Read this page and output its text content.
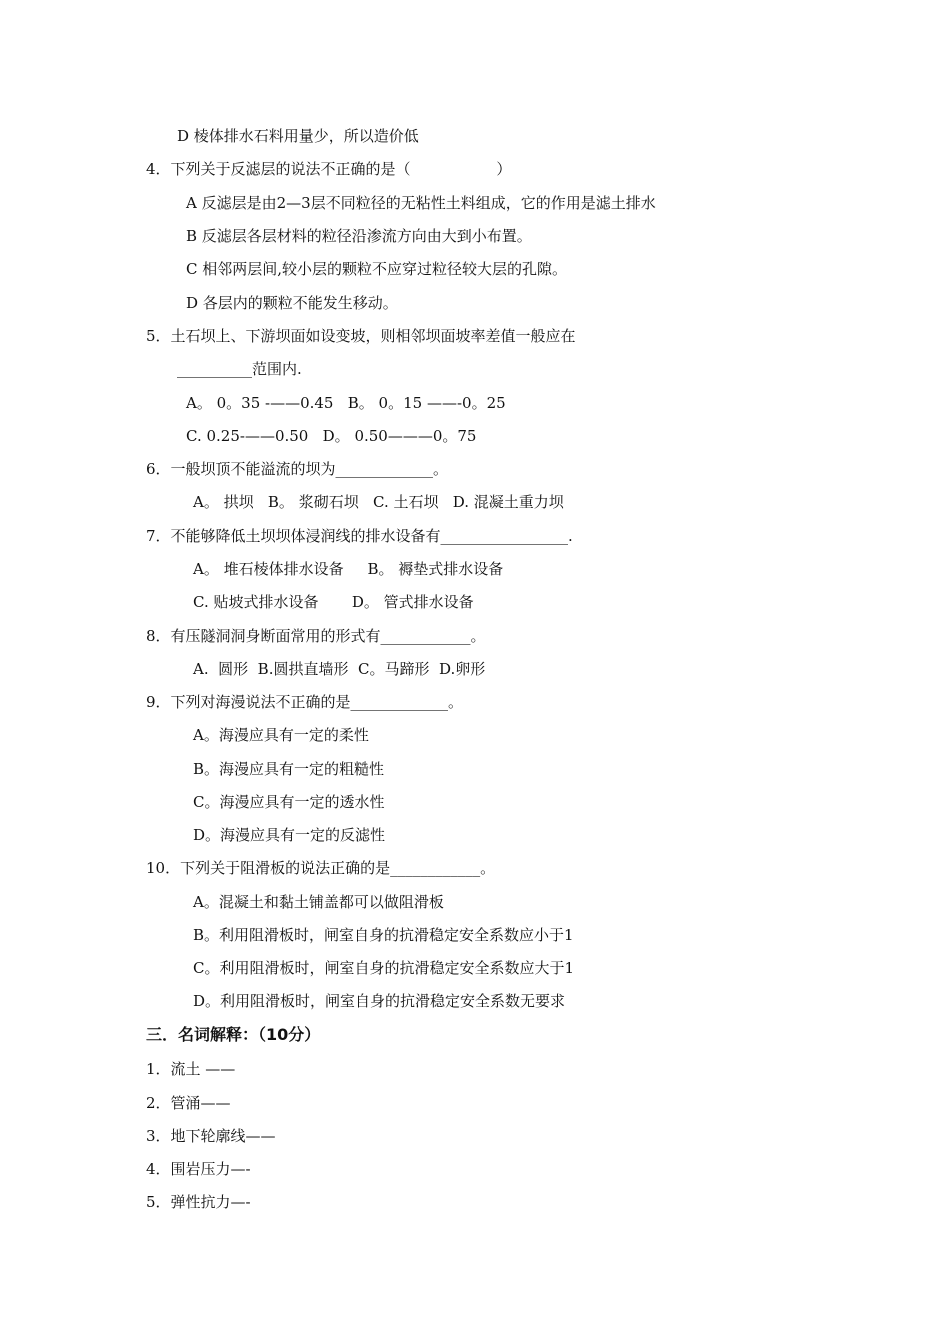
D 棱体排水石料用量少，所以造价低
4．下列关于反滤层的说法不正确的是（                  ）
A 反滤层是由2—3层不同粒径的无粘性土料组成，它的作用是滤土排水
B 反滤层各层材料的粒径沿渗流方向由大到小布置。
C 相邻两层间,较小层的颗粒不应穿过粒径较大层的孔隙。
D 各层内的颗粒不能发生移动。
5．土石坝上、下游坝面如设变坡，则相邻坝面坡率差值一般应在
__________范围内.
A。 0。35 -——0.45   B。 0。15 ——-0。25
C. 0.25-——0.50   D。 0.50———0。75
6．一般坝顶不能溢流的坝为_____________。
A。 拱坝   B。 浆砌石坝   C. 土石坝   D. 混凝土重力坝
7．不能够降低土坝坝体浸润线的排水设备有_________________.
A。 堆石棱体排水设备     B。 褥垫式排水设备
C. 贴坡式排水设备       D。 管式排水设备
8．有压隧洞洞身断面常用的形式有____________。
A.  圆形  B.圆拱直墙形  C。马蹄形  D.卵形
9．下列对海漫说法不正确的是_____________。
A。海漫应具有一定的柔性
B。海漫应具有一定的粗糙性
C。海漫应具有一定的透水性
D。海漫应具有一定的反滤性
10．下列关于阻滑板的说法正确的是____________。
A。混凝土和黏土铺盖都可以做阻滑板
B。利用阻滑板时，闸室自身的抗滑稳定安全系数应小于1
C。利用阻滑板时，闸室自身的抗滑稳定安全系数应大于1
D。利用阻滑板时，闸室自身的抗滑稳定安全系数无要求
三．名词解释：（10分）
1．流土 ——
2．管涌——
3．地下轮廓线——
4．围岩压力—-
5．弹性抗力—-
